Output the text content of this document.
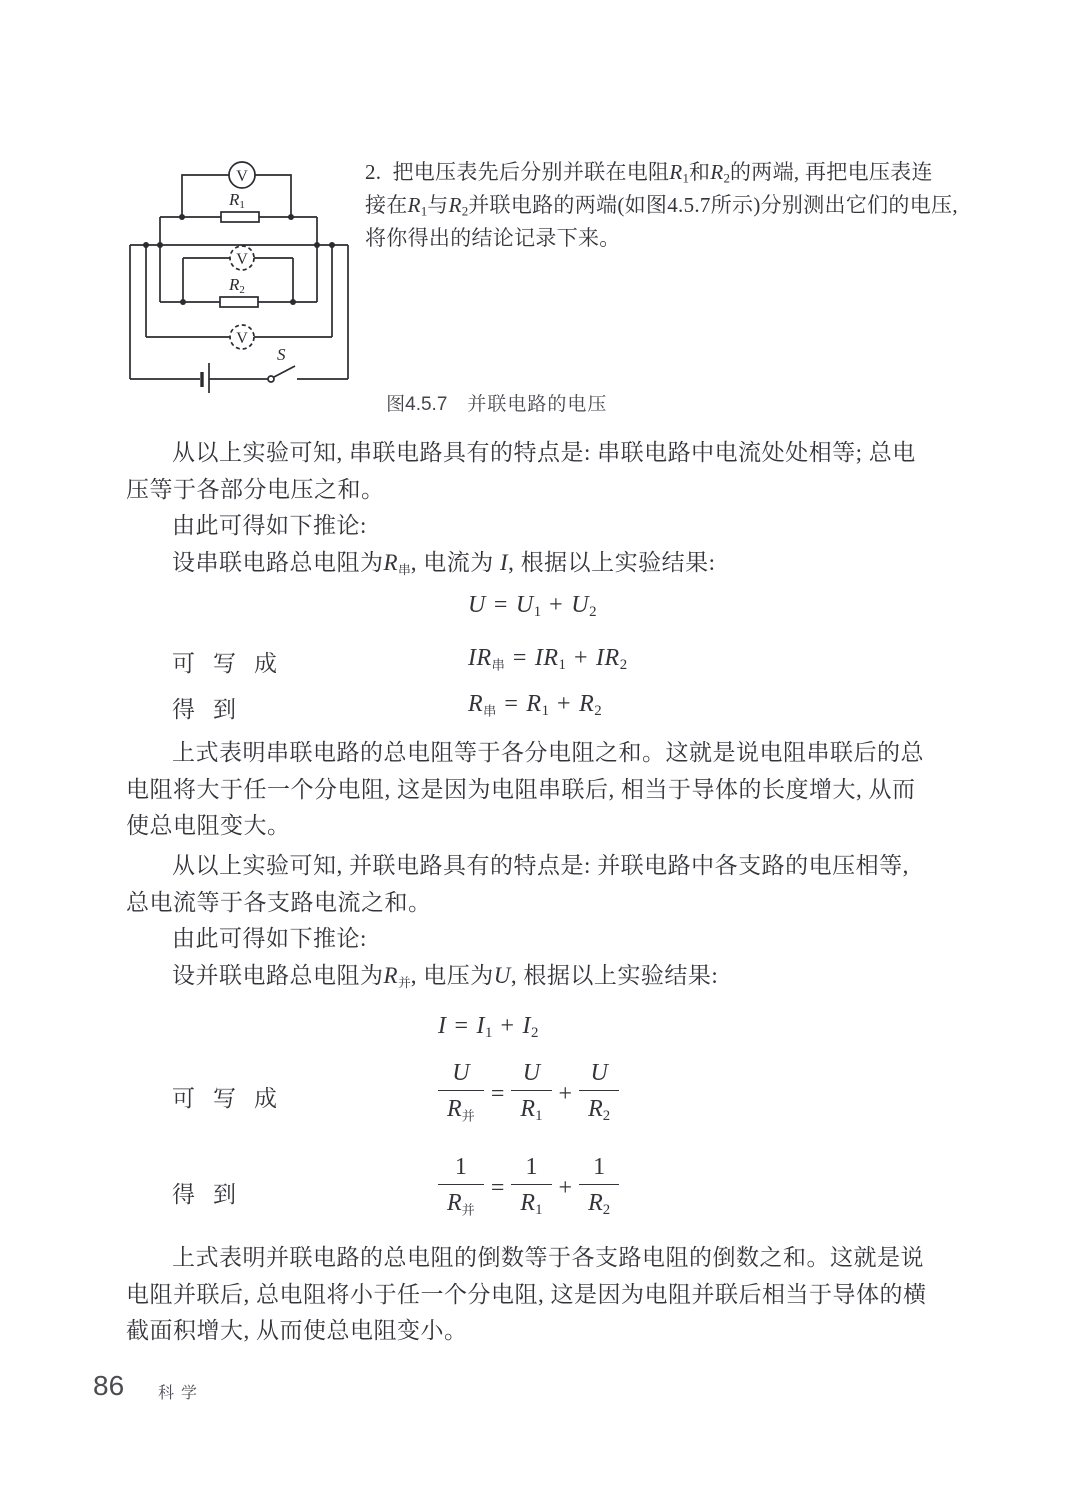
V
R1
V
R2
V
S
2.  把电压表先后分别并联在电阻R1和R2的两端, 再把电压表连
接在R1与R2并联电路的两端(如图4.5.7所示)分别测出它们的电压,
将你得出的结论记录下来。

图4.5.7 并联电路的电压

从以上实验可知, 串联电路具有的特点是: 串联电路中电流处处相等; 总电
压等于各部分电压之和。
由此可得如下推论:
设串联电路总电阻为R串, 电流为 I, 根据以上实验结果:
U = U1 + U2
可写成	IR串 = IR1 + IR2
得到	R串 = R1 + R2
上式表明串联电路的总电阻等于各分电阻之和。这就是说电阻串联后的总
电阻将大于任一个分电阻, 这是因为电阻串联后, 相当于导体的长度增大, 从而
使总电阻变大。
从以上实验可知, 并联电路具有的特点是: 并联电路中各支路的电压相等,
总电流等于各支路电流之和。
由此可得如下推论:
设并联电路总电阻为R并, 电压为U, 根据以上实验结果:
I = I1 + I2
可写成	$\frac{U}{\text{R并}} = \frac{U}{R1} + \frac{U}{R2}$
得到	$\frac{1}{\text{R并}} = \frac{1}{R1} + \frac{1}{R2}$
上式表明并联电路的总电阻的倒数等于各支路电阻的倒数之和。这就是说
电阻并联后, 总电阻将小于任一个分电阻, 这是因为电阻并联后相当于导体的横
截面积增大, 从而使总电阻变小。
86 科学
